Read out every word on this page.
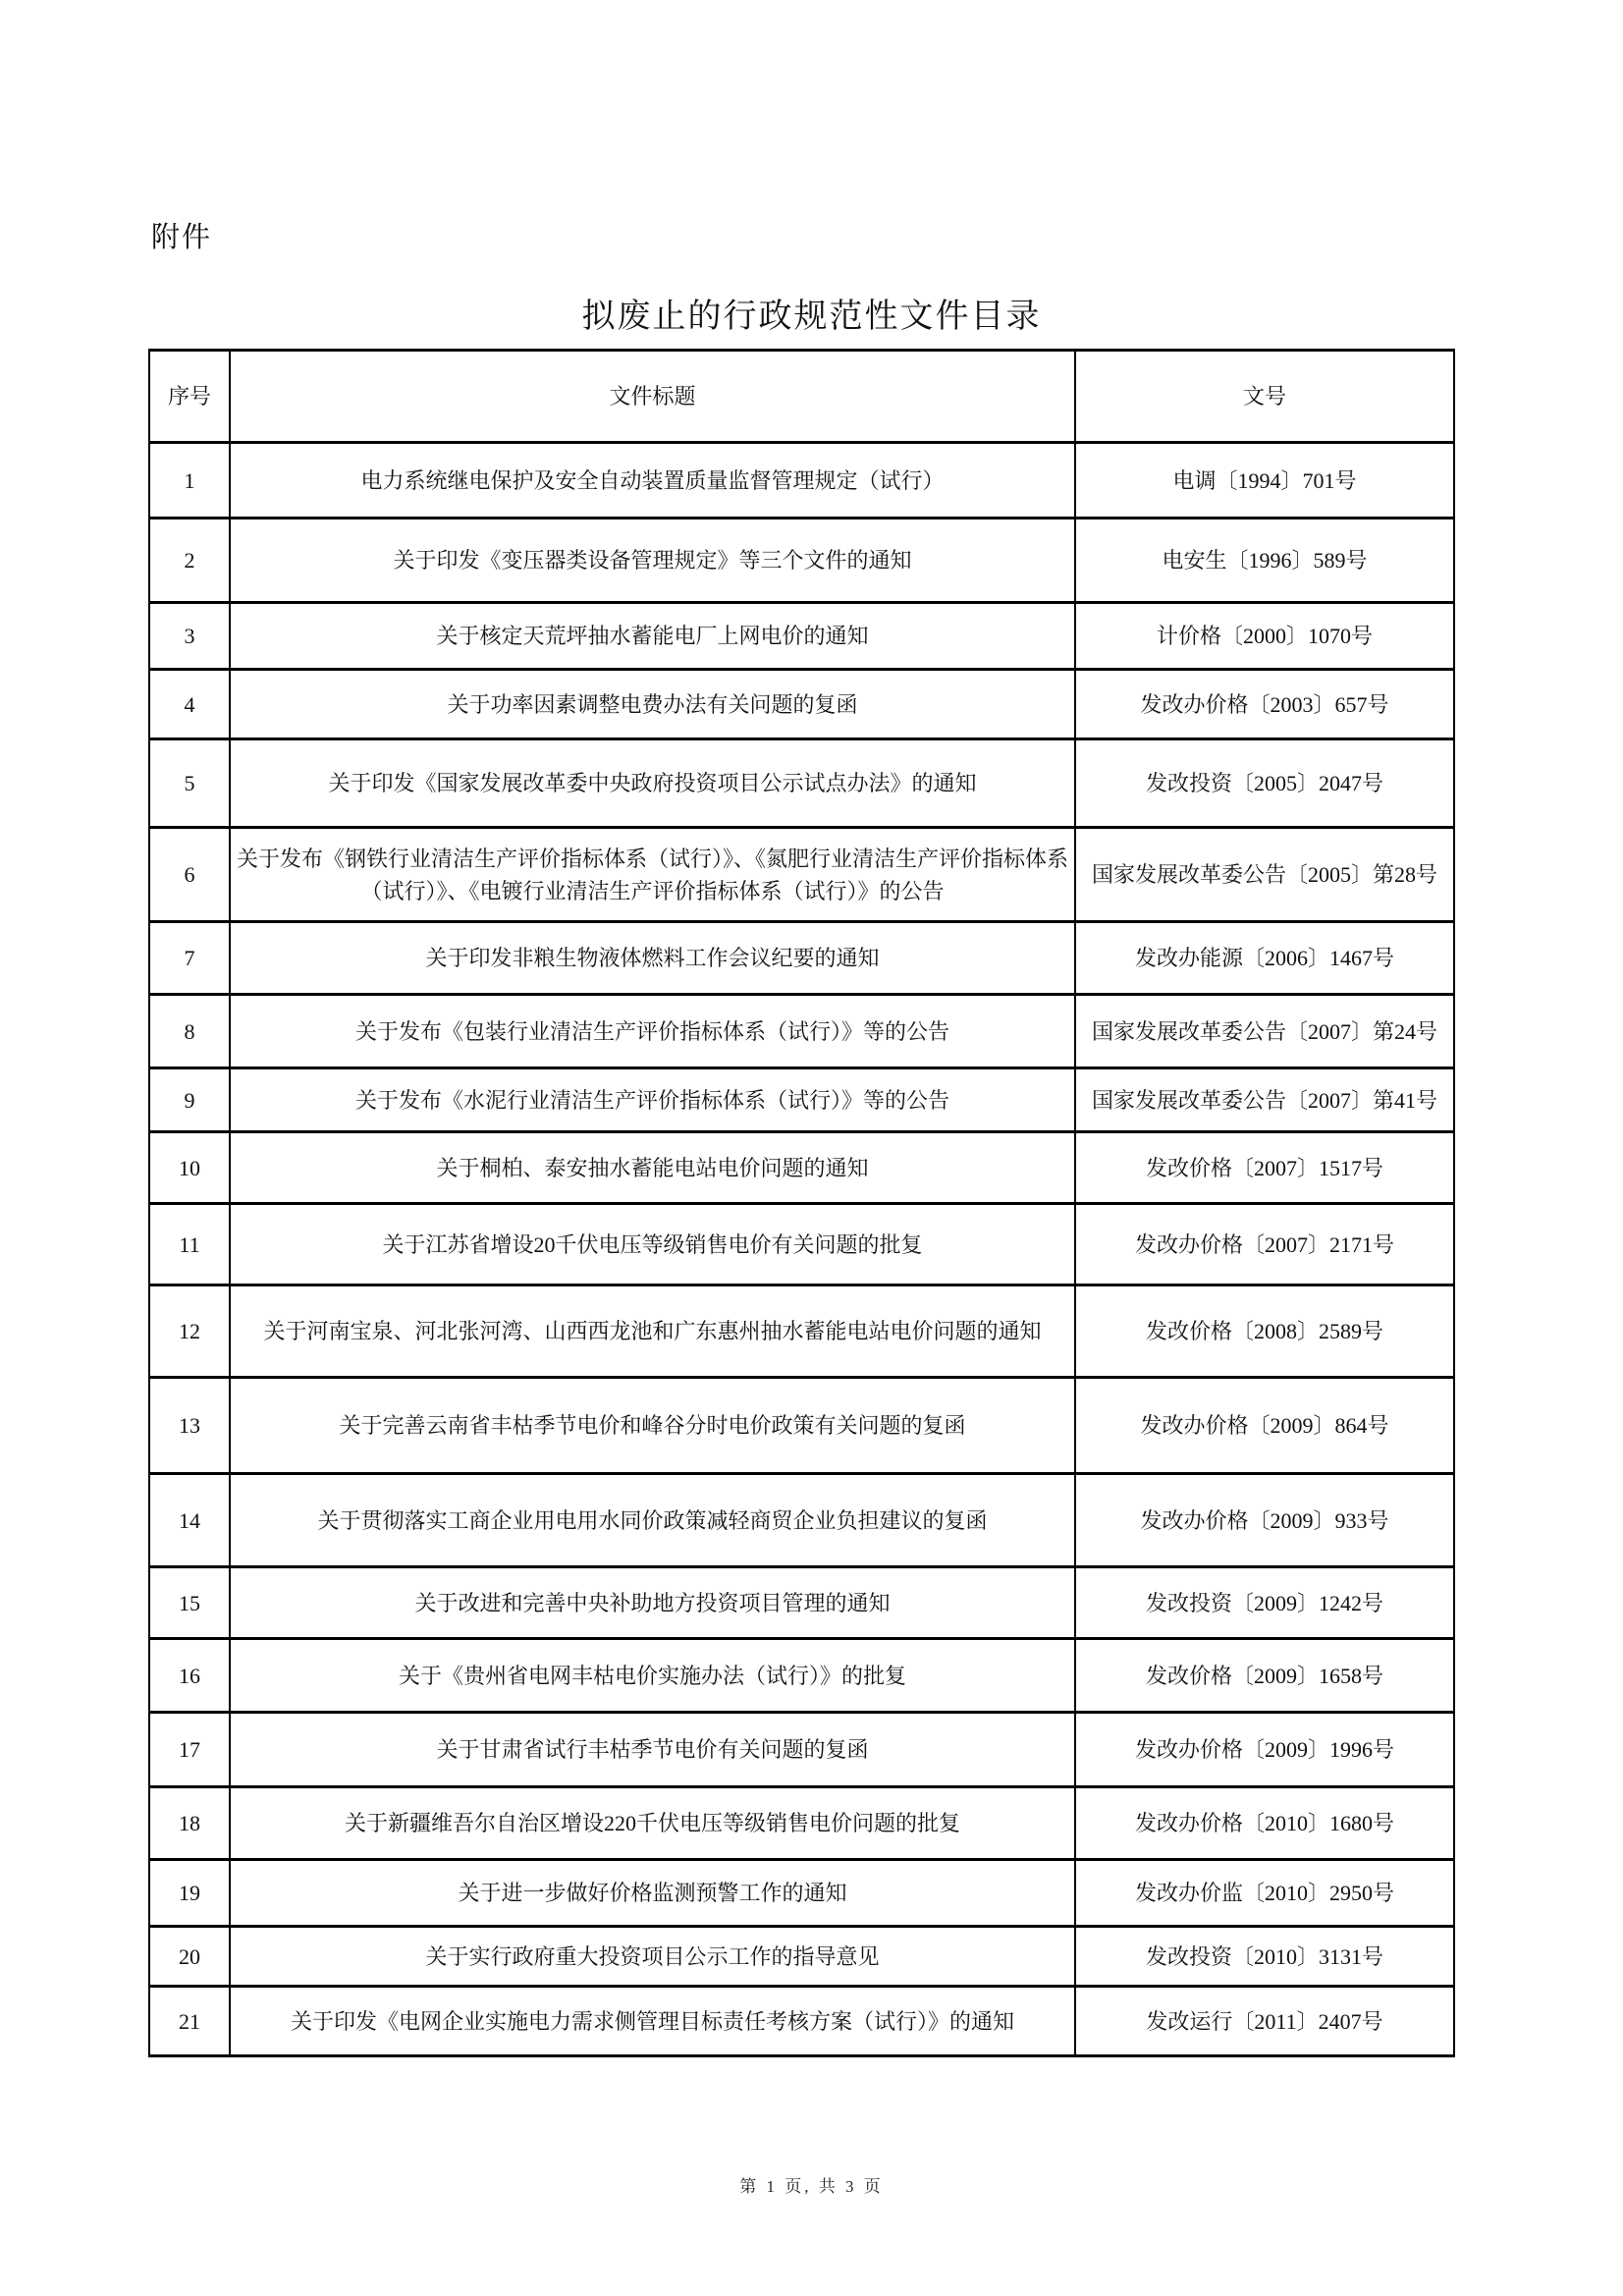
附件
拟废止的行政规范性文件目录
序号	文件标题	文号
1	电力系统继电保护及安全自动装置质量监督管理规定（试行）	电调〔1994〕701号
2	关于印发《变压器类设备管理规定》等三个文件的通知	电安生〔1996〕589号
3	关于核定天荒坪抽水蓄能电厂上网电价的通知	计价格〔2000〕1070号
4	关于功率因素调整电费办法有关问题的复函	发改办价格〔2003〕657号
5	关于印发《国家发展改革委中央政府投资项目公示试点办法》的通知	发改投资〔2005〕2047号
6	关于发布《钢铁行业清洁生产评价指标体系（试行）》、《氮肥行业清洁生产评价指标体系（试行）》、《电镀行业清洁生产评价指标体系（试行）》的公告	国家发展改革委公告〔2005〕第28号
7	关于印发非粮生物液体燃料工作会议纪要的通知	发改办能源〔2006〕1467号
8	关于发布《包装行业清洁生产评价指标体系（试行）》等的公告	国家发展改革委公告〔2007〕第24号
9	关于发布《水泥行业清洁生产评价指标体系（试行）》等的公告	国家发展改革委公告〔2007〕第41号
10	关于桐柏、泰安抽水蓄能电站电价问题的通知	发改价格〔2007〕1517号
11	关于江苏省增设20千伏电压等级销售电价有关问题的批复	发改办价格〔2007〕2171号
12	关于河南宝泉、河北张河湾、山西西龙池和广东惠州抽水蓄能电站电价问题的通知	发改价格〔2008〕2589号
13	关于完善云南省丰枯季节电价和峰谷分时电价政策有关问题的复函	发改办价格〔2009〕864号
14	关于贯彻落实工商企业用电用水同价政策减轻商贸企业负担建议的复函	发改办价格〔2009〕933号
15	关于改进和完善中央补助地方投资项目管理的通知	发改投资〔2009〕1242号
16	关于《贵州省电网丰枯电价实施办法（试行）》的批复	发改价格〔2009〕1658号
17	关于甘肃省试行丰枯季节电价有关问题的复函	发改办价格〔2009〕1996号
18	关于新疆维吾尔自治区增设220千伏电压等级销售电价问题的批复	发改办价格〔2010〕1680号
19	关于进一步做好价格监测预警工作的通知	发改办价监〔2010〕2950号
20	关于实行政府重大投资项目公示工作的指导意见	发改投资〔2010〕3131号
21	关于印发《电网企业实施电力需求侧管理目标责任考核方案（试行）》的通知	发改运行〔2011〕2407号
第 1 页, 共 3 页
